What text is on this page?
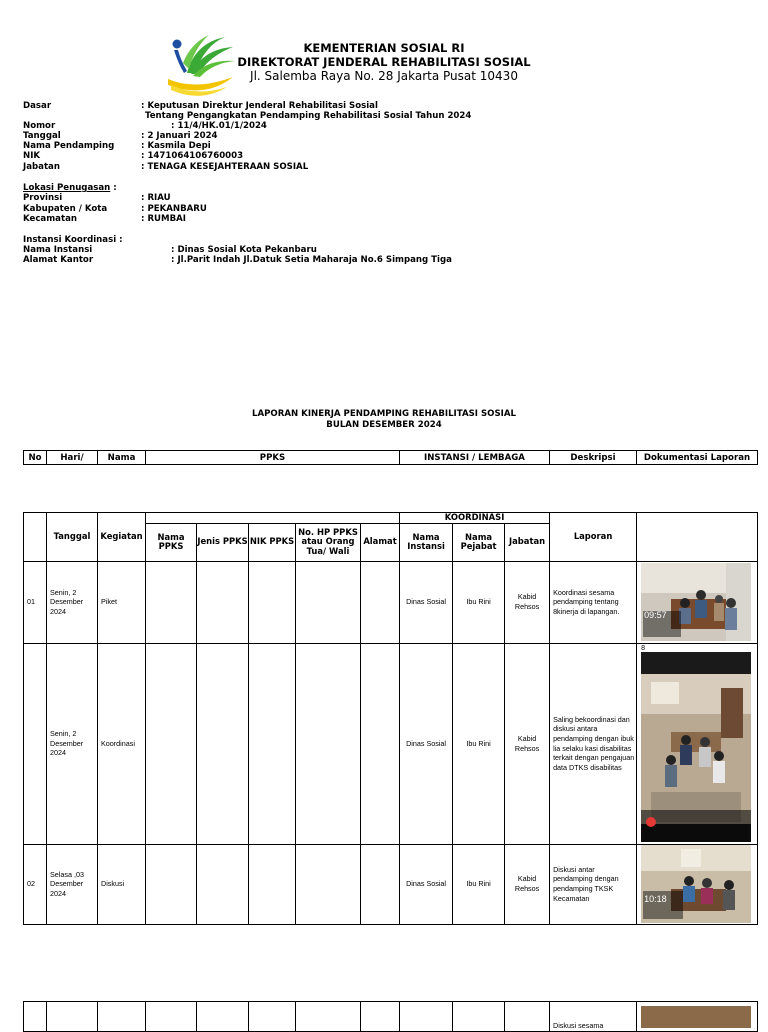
KEMENTERIAN SOSIAL RI
DIREKTORAT JENDERAL REHABILITASI SOSIAL
Jl. Salemba Raya No. 28 Jakarta Pusat 10430
Dasar	: Keputusan Direktur Jenderal Rehabilitasi Sosial
Tentang Pengangkatan Pendamping Rehabilitasi Sosial Tahun 2024
Nomor	: 11/4/HK.01/1/2024
Tanggal	: 2 Januari 2024
Nama Pendamping	: Kasmila Depi
NIK	: 1471064106760003
Jabatan	: TENAGA KESEJAHTERAAN SOSIAL
Lokasi Penugasan :
Provinsi	: RIAU
Kabupaten / Kota	: PEKANBARU
Kecamatan	: RUMBAI
Instansi Koordinasi :
Nama Instansi	: Dinas Sosial Kota Pekanbaru
Alamat Kantor	: Jl.Parit Indah Jl.Datuk Setia Maharaja No.6 Simpang Tiga
LAPORAN KINERJA PENDAMPING REHABILITASI SOSIAL
BULAN DESEMBER 2024
No	Hari/	Nama	PPKS	INSTANSI / LEMBAGA	Deskripsi	Dokumentasi Laporan
	Tanggal	Kegiatan						KOORDINASI			Laporan	
			Nama PPKS	Jenis PPKS	NIK PPKS	No. HP PPKS atau Orang Tua/ Wali	Alamat	Nama Instansi	Nama Pejabat	Jabatan		
01	Senin, 2 Desember 2024	Piket						Dinas Sosial	Ibu Rini	Kabid Rehsos	Koordinasi sesama pendamping tentang 8kinerja di lapangan.	09:57

	Senin, 2 Desember 2024	Koordinasi						Dinas Sosial	Ibu Rini	Kabid Rehsos	Saling bekoordinasi dan diskusi antara pendamping dengan ibuk lia selaku kasi disabilitas terkait dengan pengajuan data DTKS disabilitas	8

02	Selasa ,03 Desember 2024	Diskusi						Dinas Sosial	Ibu Rini	Kabid Rehsos	Diskusi antar pendamping dengan pendamping TKSK Kecamatan	10:18
											Diskusi sesama	
